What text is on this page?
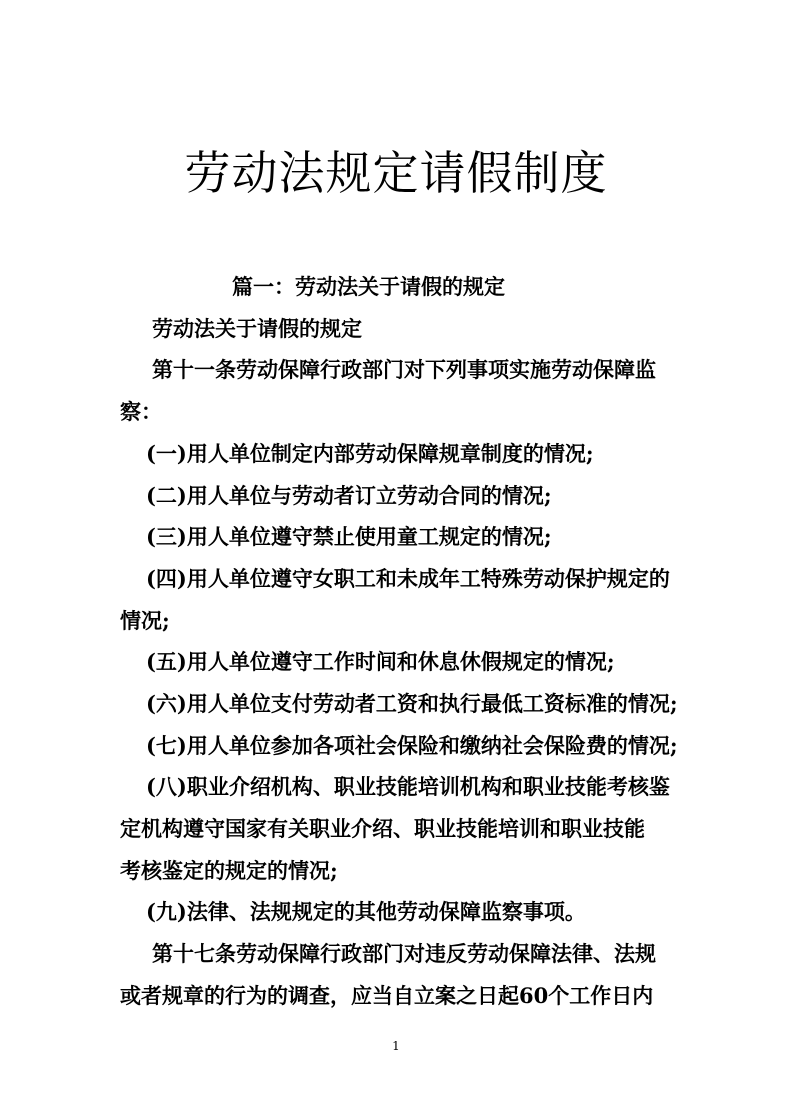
劳动法规定请假制度
篇一：劳动法关于请假的规定
劳动法关于请假的规定
第十一条劳动保障行政部门对下列事项实施劳动保障监
察：
(一)用人单位制定内部劳动保障规章制度的情况;
(二)用人单位与劳动者订立劳动合同的情况;
(三)用人单位遵守禁止使用童工规定的情况;
(四)用人单位遵守女职工和未成年工特殊劳动保护规定的
情况;
(五)用人单位遵守工作时间和休息休假规定的情况;
(六)用人单位支付劳动者工资和执行最低工资标准的情况;
(七)用人单位参加各项社会保险和缴纳社会保险费的情况;
(八)职业介绍机构、职业技能培训机构和职业技能考核鉴
定机构遵守国家有关职业介绍、职业技能培训和职业技能
考核鉴定的规定的情况;
(九)法律、法规规定的其他劳动保障监察事项。
第十七条劳动保障行政部门对违反劳动保障法律、法规
或者规章的行为的调查，应当自立案之日起60个工作日内
1
